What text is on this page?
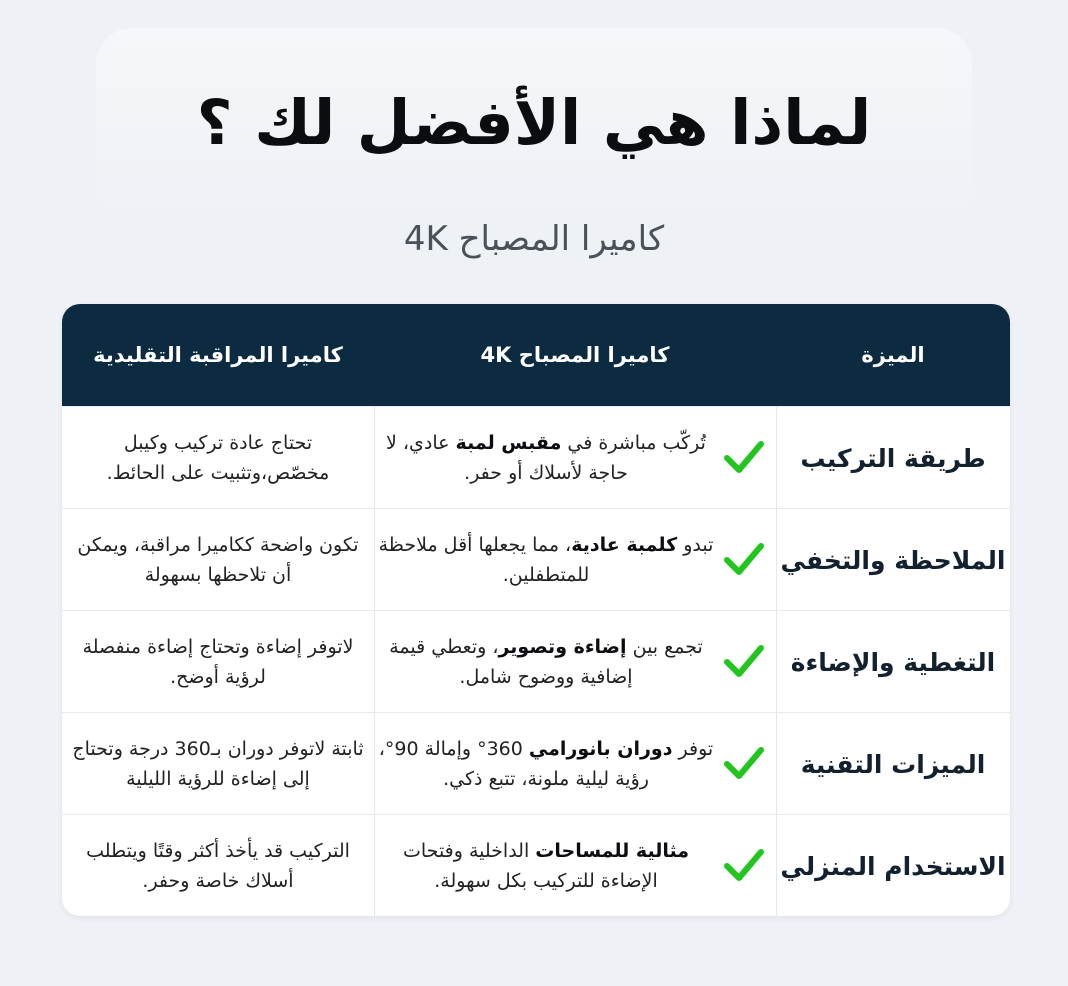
لماذا هي الأفضل لك ؟
كاميرا المصباح 4K
الميزة
كاميرا المصباح 4K
كاميرا المراقبة التقليدية
طريقة التركيب
تُركّب مباشرة في مقبس لمبة عادي، لا حاجة لأسلاك أو حفر.
تحتاج عادة تركيب وكيبل مخصّص،وتثبيت على الحائط.
الملاحظة والتخفي
تبدو كلمبة عادية، مما يجعلها أقل ملاحظة للمتطفلين.
تكون واضحة ككاميرا مراقبة، ويمكن أن تلاحظها بسهولة
التغطية والإضاءة
تجمع بين إضاءة وتصوير، وتعطي قيمة إضافية ووضوح شامل.
لاتوفر إضاءة وتحتاج إضاءة منفصلة لرؤية أوضح.
الميزات التقنية
توفر دوران بانورامي 360° وإمالة 90°، رؤية ليلية ملونة، تتبع ذكي.
ثابتة لاتوفر دوران بـ360 درجة وتحتاج إلى إضاءة للرؤية الليلية
الاستخدام المنزلي
مثالية للمساحات الداخلية وفتحات الإضاءة للتركيب بكل سهولة.
التركيب قد يأخذ أكثر وقتًا ويتطلب أسلاك خاصة وحفر.
